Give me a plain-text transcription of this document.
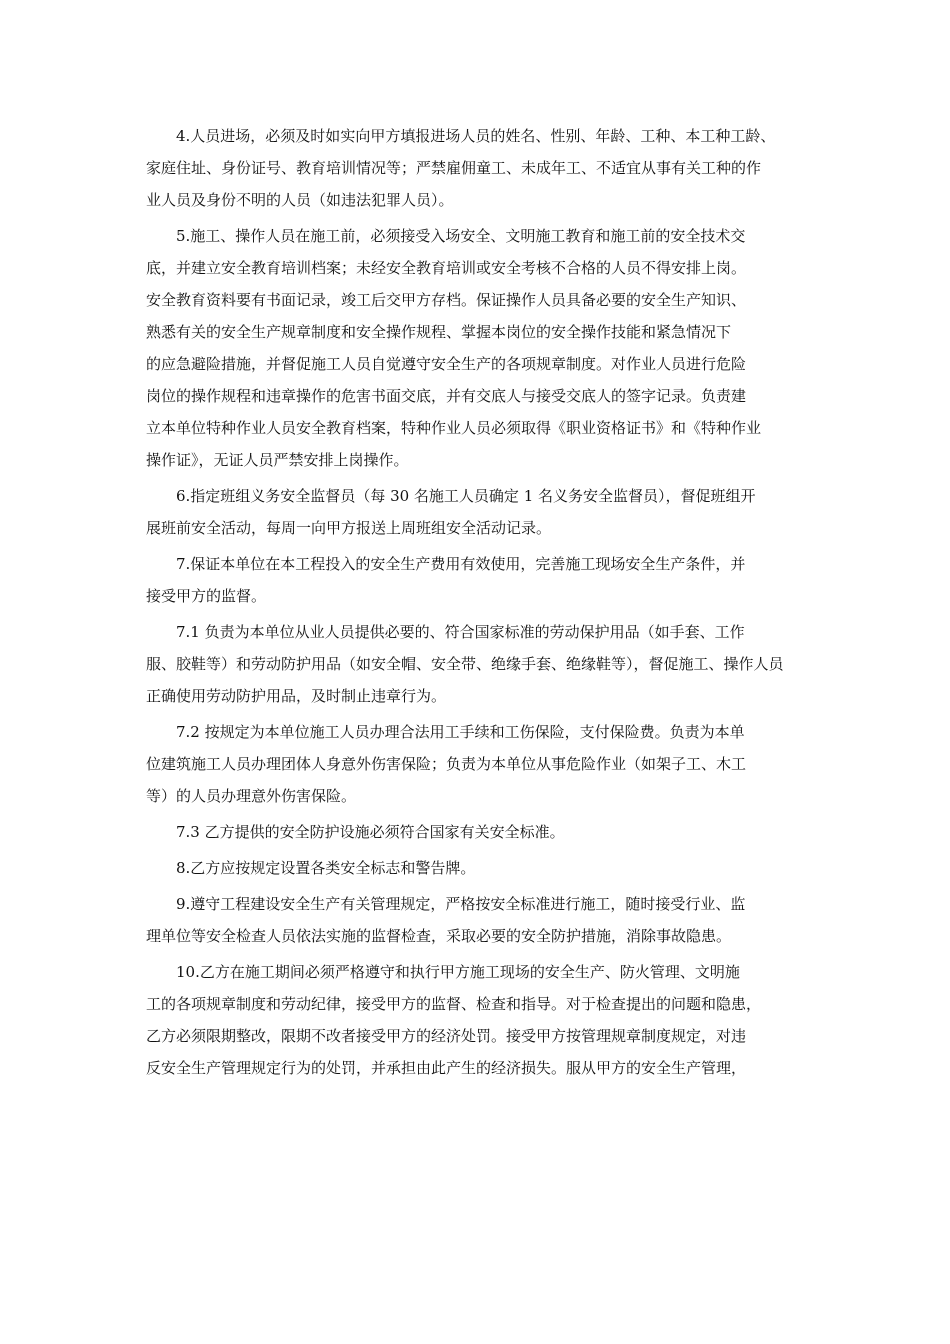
4.人员进场，必须及时如实向甲方填报进场人员的姓名、性别、年龄、工种、本工种工龄、
家庭住址、身份证号、教育培训情况等；严禁雇佣童工、未成年工、不适宜从事有关工种的作
业人员及身份不明的人员（如违法犯罪人员）。

5.施工、操作人员在施工前，必须接受入场安全、文明施工教育和施工前的安全技术交
底，并建立安全教育培训档案；未经安全教育培训或安全考核不合格的人员不得安排上岗。
安全教育资料要有书面记录，竣工后交甲方存档。保证操作人员具备必要的安全生产知识、
熟悉有关的安全生产规章制度和安全操作规程、掌握本岗位的安全操作技能和紧急情况下
的应急避险措施，并督促施工人员自觉遵守安全生产的各项规章制度。对作业人员进行危险
岗位的操作规程和违章操作的危害书面交底，并有交底人与接受交底人的签字记录。负责建
立本单位特种作业人员安全教育档案，特种作业人员必须取得《职业资格证书》和《特种作业
操作证》，无证人员严禁安排上岗操作。

6.指定班组义务安全监督员（每 30 名施工人员确定 1 名义务安全监督员），督促班组开
展班前安全活动，每周一向甲方报送上周班组安全活动记录。

7.保证本单位在本工程投入的安全生产费用有效使用，完善施工现场安全生产条件，并
接受甲方的监督。

7.1 负责为本单位从业人员提供必要的、符合国家标准的劳动保护用品（如手套、工作
服、胶鞋等）和劳动防护用品（如安全帽、安全带、绝缘手套、绝缘鞋等），督促施工、操作人员
正确使用劳动防护用品，及时制止违章行为。

7.2 按规定为本单位施工人员办理合法用工手续和工伤保险，支付保险费。负责为本单
位建筑施工人员办理团体人身意外伤害保险；负责为本单位从事危险作业（如架子工、木工
等）的人员办理意外伤害保险。

7.3 乙方提供的安全防护设施必须符合国家有关安全标准。

8.乙方应按规定设置各类安全标志和警告牌。

9.遵守工程建设安全生产有关管理规定，严格按安全标准进行施工，随时接受行业、监
理单位等安全检查人员依法实施的监督检查，采取必要的安全防护措施，消除事故隐患。

10.乙方在施工期间必须严格遵守和执行甲方施工现场的安全生产、防火管理、文明施
工的各项规章制度和劳动纪律，接受甲方的监督、检查和指导。对于检查提出的问题和隐患，
乙方必须限期整改，限期不改者接受甲方的经济处罚。接受甲方按管理规章制度规定，对违
反安全生产管理规定行为的处罚，并承担由此产生的经济损失。服从甲方的安全生产管理，
